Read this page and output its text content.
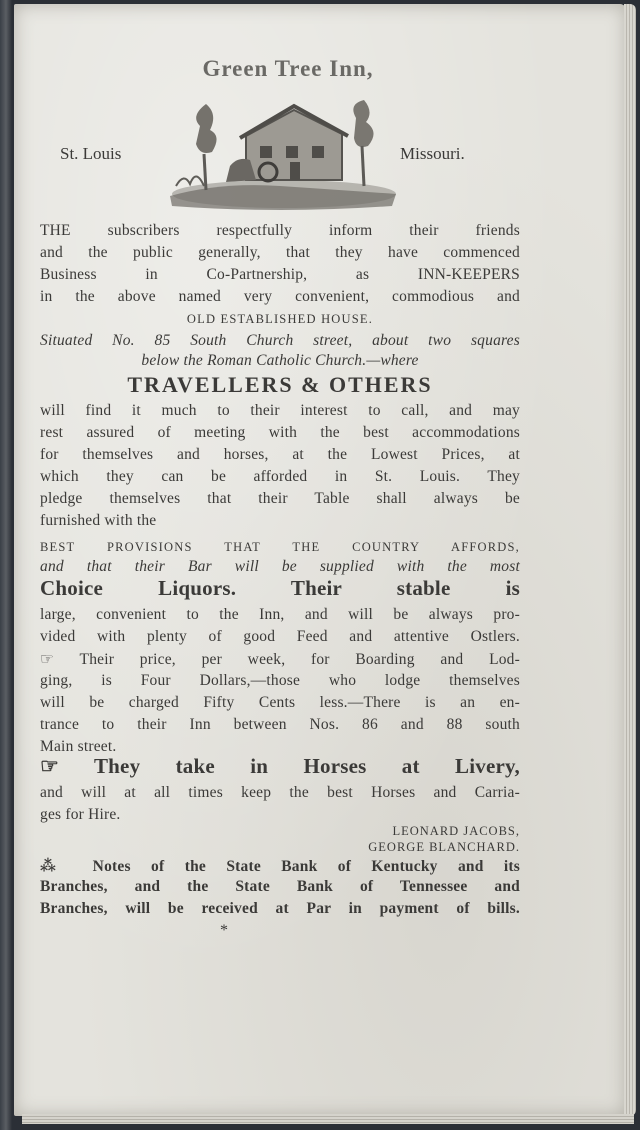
Green Tree Inn,
St. Louis	Missouri.
THE subscribers respectfully inform their friends
and the public generally, that they have commenced
Business in Co-Partnership, as INN-KEEPERS
in the above named very convenient, commodious and
OLD ESTABLISHED HOUSE.
Situated No. 85 South Church street, about two squares
below the Roman Catholic Church.—where
TRAVELLERS & OTHERS
will find it much to their interest to call, and may
rest assured of meeting with the best accommodations
for themselves and horses, at the Lowest Prices, at
which they can be afforded in St. Louis. They
pledge themselves that their Table shall always be
furnished with the
BEST PROVISIONS THAT THE COUNTRY AFFORDS,
and that their Bar will be supplied with the most
Choice Liquors. Their stable is
large, convenient to the Inn, and will be always pro-
vided with plenty of good Feed and attentive Ostlers.
☞ Their price, per week, for Boarding and Lod-
ging, is Four Dollars,—those who lodge themselves
will be charged Fifty Cents less.—There is an en-
trance to their Inn between Nos. 86 and 88 south
Main street.
☞ They take in Horses at Livery,
and will at all times keep the best Horses and Carria-
ges for Hire.
LEONARD JACOBS,
GEORGE BLANCHARD.
⁂ Notes of the State Bank of Kentucky and its
Branches, and the State Bank of Tennessee and
Branches, will be received at Par in payment of bills.
*
